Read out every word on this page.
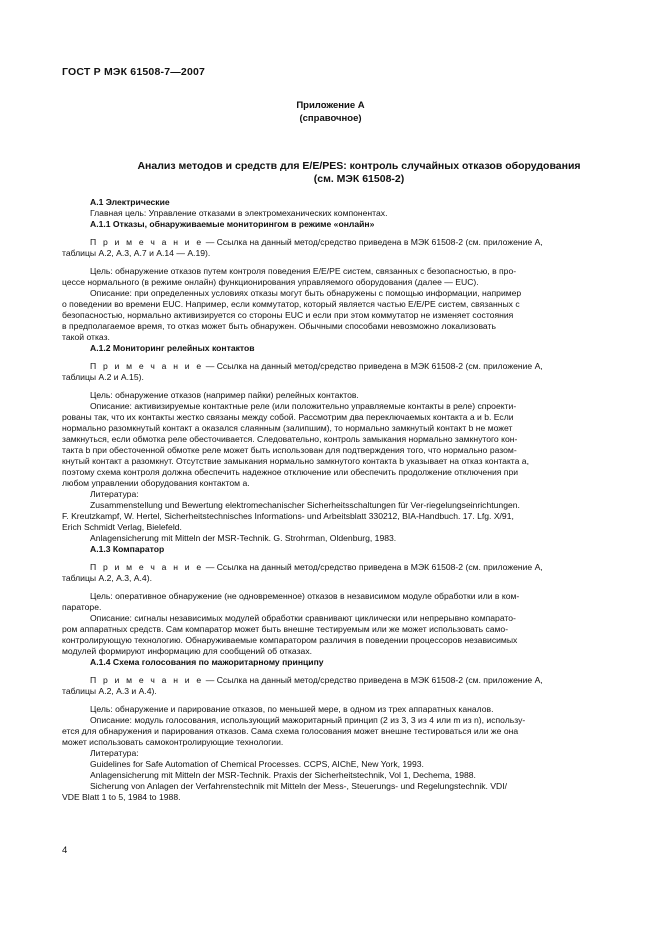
ГОСТ Р МЭК 61508-7—2007
Приложение А
(справочное)
Анализ методов и средств для E/E/PES: контроль случайных отказов оборудования
(см. МЭК 61508-2)

А.1 Электрические

Главная цель: Управление отказами в электромеханических компонентах.

А.1.1 Отказы, обнаруживаемые мониторингом в режиме «онлайн»

П р и м е ч а н и е — Ссылка на данный метод/средство приведена в МЭК 61508-2 (см. приложение А,

таблицы А.2, А.3, А.7 и А.14 — А.19).

Цель: обнаружение отказов путем контроля поведения E/E/PE систем, связанных с безопасностью, в про-

цессе нормального (в режиме онлайн) функционирования управляемого оборудования (далее — EUC).

Описание: при определенных условиях отказы могут быть обнаружены с помощью информации, например

о поведении во времени EUC. Например, если коммутатор, который является частью E/E/PE систем, связанных с

безопасностью, нормально активизируется со стороны EUC и если при этом коммутатор не изменяет состояния

в предполагаемое время, то отказ может быть обнаружен. Обычными способами невозможно локализовать

такой отказ.

А.1.2 Мониторинг релейных контактов

П р и м е ч а н и е — Ссылка на данный метод/средство приведена в МЭК 61508-2 (см. приложение А,

таблицы А.2 и А.15).

Цель: обнаружение отказов (например пайки) релейных контактов.

Описание: активизируемые контактные реле (или положительно управляемые контакты в реле) спроекти-

рованы так, что их контакты жестко связаны между собой. Рассмотрим два переключаемых контакта a и b. Если

нормально разомкнутый контакт a оказался слаянным (залипшим), то нормально замкнутый контакт b не может

замкнуться, если обмотка реле обесточивается. Следовательно, контроль замыкания нормально замкнутого кон-

такта b при обесточенной обмотке реле может быть использован для подтверждения того, что нормально разом-

кнутый контакт a разомкнут. Отсутствие замыкания нормально замкнутого контакта b указывает на отказ контакта a,

поэтому схема контроля должна обеспечить надежное отключение или обеспечить продолжение отключения при

любом управлении оборудования контактом a.

Литература:

Zusammenstellung und Bewertung elektromechanischer Sicherheitsschaltungen für Ver-riegelungseinrichtungen.

F. Kreutzkampf, W. Hertel, Sicherheitstechnisches Informations- und Arbeitsblatt 330212, BIA-Handbuch. 17. Lfg. X/91,

Erich Schmidt Verlag, Bielefeld.

Anlagensicherung mit Mitteln der MSR-Technik. G. Strohrman, Oldenburg, 1983.

А.1.3 Компаратор

П р и м е ч а н и е — Ссылка на данный метод/средство приведена в МЭК 61508-2 (см. приложение А,

таблицы А.2, А.3, А.4).

Цель: оперативное обнаружение (не одновременное) отказов в независимом модуле обработки или в ком-

параторе.

Описание: сигналы независимых модулей обработки сравнивают циклически или непрерывно компарато-

ром аппаратных средств. Сам компаратор может быть внешне тестируемым или же может использовать само-

контролирующую технологию. Обнаруживаемые компаратором различия в поведении процессоров независимых

модулей формируют информацию для сообщений об отказах.

А.1.4 Схема голосования по мажоритарному принципу

П р и м е ч а н и е — Ссылка на данный метод/средство приведена в МЭК 61508-2 (см. приложение А,

таблицы А.2, А.3 и А.4).

Цель: обнаружение и парирование отказов, по меньшей мере, в одном из трех аппаратных каналов.

Описание: модуль голосования, использующий мажоритарный принцип (2 из 3, 3 из 4 или m из n), использу-

ется для обнаружения и парирования отказов. Сама схема голосования может внешне тестироваться или же она

может использовать самоконтролирующие технологии.

Литература:

Guidelines for Safe Automation of Chemical Processes. CCPS, AIChE, New York, 1993.

Anlagensicherung mit Mitteln der MSR-Technik. Praxis der Sicherheitstechnik, Vol 1, Dechema, 1988.

Sicherung von Anlagen der Verfahrenstechnik mit Mitteln der Mess-, Steuerungs- und Regelungstechnik. VDI/

VDE Blatt 1 to 5, 1984 to 1988.

4
